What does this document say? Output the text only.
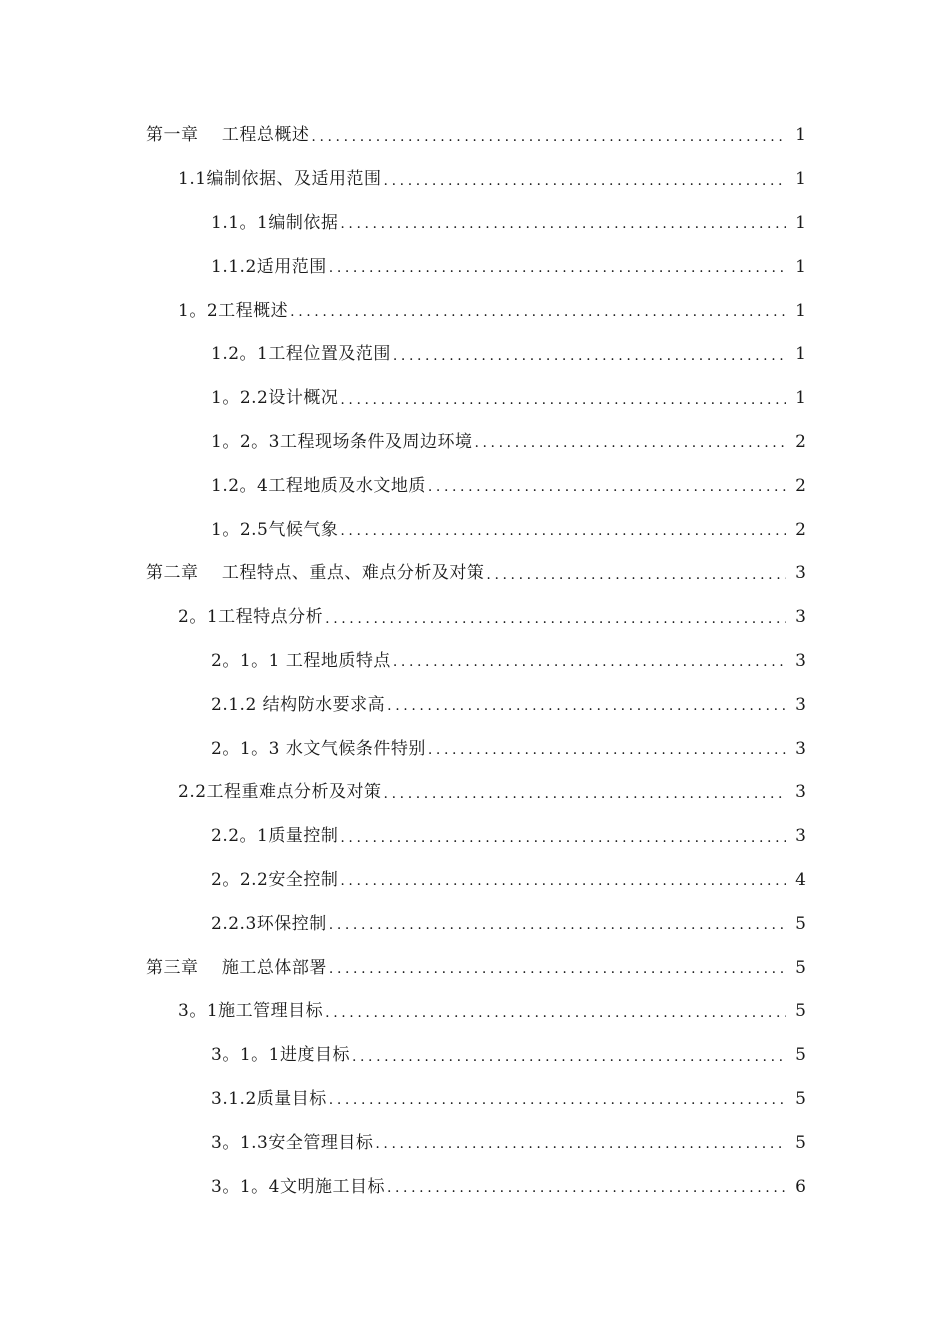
第一章　 工程总概述 .....	1
1.1编制依据、及适用范围 .....	1
1.1。1编制依据 .....	1
1.1.2适用范围 .....	1
1。2工程概述 .....	1
1.2。1工程位置及范围 .....	1
1。2.2设计概况 .....	1
1。2。3工程现场条件及周边环境 .....	2
1.2。4工程地质及水文地质 .....	2
1。2.5气候气象 .....	2
第二章　 工程特点、重点、难点分析及对策 .....	3
2。1工程特点分析 .....	3
2。1。1 工程地质特点 .....	3
2.1.2 结构防水要求高 .....	3
2。1。3 水文气候条件特别 .....	3
2.2工程重难点分析及对策 .....	3
2.2。1质量控制 .....	3
2。2.2安全控制 .....	4
2.2.3环保控制 .....	5
第三章　 施工总体部署 .....	5
3。1施工管理目标 .....	5
3。1。1进度目标 .....	5
3.1.2质量目标 .....	5
3。1.3安全管理目标 .....	5
3。1。4文明施工目标 .....	6
